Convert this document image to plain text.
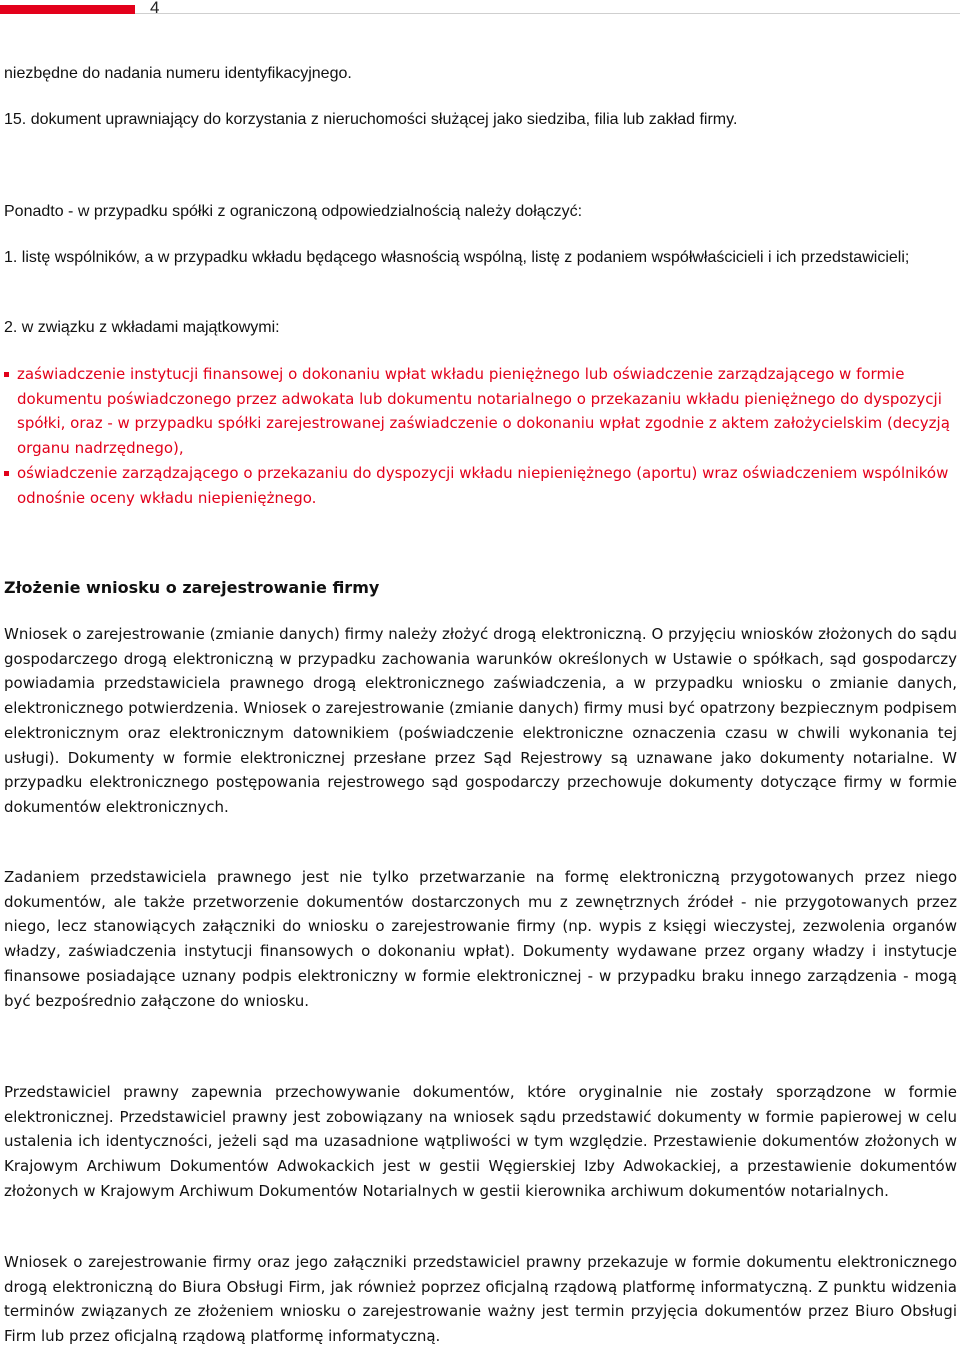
4

niezbędne do nadania numeru identyfikacyjnego.

15. dokument uprawniający do korzystania z nieruchomości służącej jako siedziba, filia lub zakład firmy.

Ponadto - w przypadku spółki z ograniczoną odpowiedzialnością należy dołączyć:

1. listę wspólników, a w przypadku wkładu będącego własnością wspólną, listę z podaniem współwłaścicieli i ich przedstawicieli;

2. w związku z wkładami majątkowymi:

zaświadczenie instytucji finansowej o dokonaniu wpłat wkładu pieniężnego lub oświadczenie zarządzającego w formie dokumentu poświadczonego przez adwokata lub dokumentu notarialnego o przekazaniu wkładu pieniężnego do dyspozycji spółki, oraz - w przypadku spółki zarejestrowanej zaświadczenie o dokonaniu wpłat zgodnie z aktem założycielskim (decyzją organu nadrzędnego),
oświadczenie zarządzającego o przekazaniu do dyspozycji wkładu niepieniężnego (aportu) wraz oświadczeniem wspólników odnośnie oceny wkładu niepieniężnego.
Złożenie wniosku o zarejestrowanie firmy

Wniosek o zarejestrowanie (zmianie danych) firmy należy złożyć drogą elektroniczną. O przyjęciu wniosków złożonych do sądu gospodarczego drogą elektroniczną w przypadku zachowania warunków określonych w Ustawie o spółkach, sąd gospodarczy powiadamia przedstawiciela prawnego drogą elektronicznego zaświadczenia, a w przypadku wniosku o zmianie danych, elektronicznego potwierdzenia. Wniosek o zarejestrowanie (zmianie danych) firmy musi być opatrzony bezpiecznym podpisem elektronicznym oraz elektronicznym datownikiem (poświadczenie elektroniczne oznaczenia czasu w chwili wykonania tej usługi). Dokumenty w formie elektronicznej przesłane przez Sąd Rejestrowy są uznawane jako dokumenty notarialne. W przypadku elektronicznego postępowania rejestrowego sąd gospodarczy przechowuje dokumenty dotyczące firmy w formie dokumentów elektronicznych.

Zadaniem przedstawiciela prawnego jest nie tylko przetwarzanie na formę elektroniczną przygotowanych przez niego dokumentów, ale także przetworzenie dokumentów dostarczonych mu z zewnętrznych źródeł - nie przygotowanych przez niego, lecz stanowiących załączniki do wniosku o zarejestrowanie firmy (np. wypis z księgi wieczystej, zezwolenia organów władzy, zaświadczenia instytucji finansowych o dokonaniu wpłat). Dokumenty wydawane przez organy władzy i instytucje finansowe posiadające uznany podpis elektroniczny w formie elektronicznej - w przypadku braku innego zarządzenia - mogą być bezpośrednio załączone do wniosku.

Przedstawiciel prawny zapewnia przechowywanie dokumentów, które oryginalnie nie zostały sporządzone w formie elektronicznej. Przedstawiciel prawny jest zobowiązany na wniosek sądu przedstawić dokumenty w formie papierowej w celu ustalenia ich identyczności, jeżeli sąd ma uzasadnione wątpliwości w tym względzie. Przestawienie dokumentów złożonych w Krajowym Archiwum Dokumentów Adwokackich jest w gestii Węgierskiej Izby Adwokackiej, a przestawienie dokumentów złożonych w Krajowym Archiwum Dokumentów Notarialnych w gestii kierownika archiwum dokumentów notarialnych.

Wniosek o zarejestrowanie firmy oraz jego załączniki przedstawiciel prawny przekazuje w formie dokumentu elektronicznego drogą elektroniczną do Biura Obsługi Firm, jak również poprzez oficjalną rządową platformę informatyczną. Z punktu widzenia terminów związanych ze złożeniem wniosku o zarejestrowanie ważny jest termin przyjęcia dokumentów przez Biuro Obsługi Firm lub przez oficjalną rządową platformę informatyczną.
